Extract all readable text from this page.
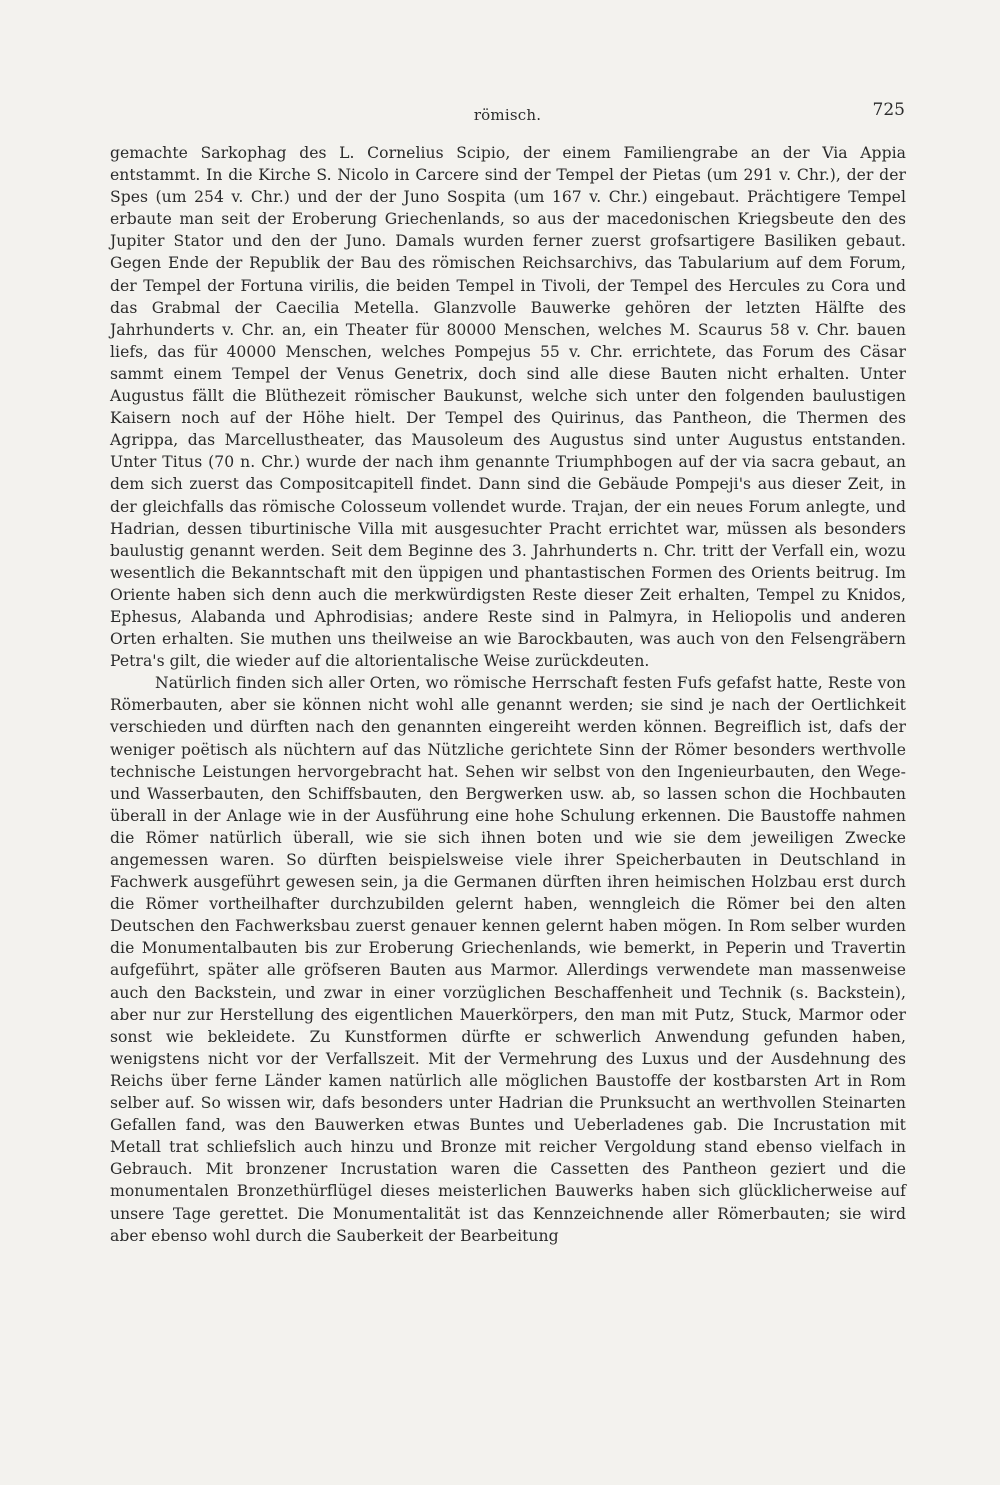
römisch.	725

gemachte Sarkophag des L. Cornelius Scipio, der einem Familiengrabe an der Via Appia entstammt. In die Kirche S. Nicolo in Carcere sind der Tempel der Pietas (um 291 v. Chr.), der der Spes (um 254 v. Chr.) und der der Juno Sospita (um 167 v. Chr.) eingebaut. Prächtigere Tempel erbaute man seit der Eroberung Griechenlands, so aus der macedonischen Kriegsbeute den des Jupiter Stator und den der Juno. Damals wurden ferner zuerst grofsartigere Basiliken gebaut. Gegen Ende der Republik der Bau des römischen Reichsarchivs, das Tabularium auf dem Forum, der Tempel der Fortuna virilis, die beiden Tempel in Tivoli, der Tempel des Hercules zu Cora und das Grabmal der Caecilia Metella. Glanzvolle Bauwerke gehören der letzten Hälfte des Jahrhunderts v. Chr. an, ein Theater für 80000 Menschen, welches M. Scaurus 58 v. Chr. bauen liefs, das für 40000 Menschen, welches Pompejus 55 v. Chr. errichtete, das Forum des Cäsar sammt einem Tempel der Venus Genetrix, doch sind alle diese Bauten nicht erhalten. Unter Augustus fällt die Blüthezeit römischer Baukunst, welche sich unter den folgenden baulustigen Kaisern noch auf der Höhe hielt. Der Tempel des Quirinus, das Pantheon, die Thermen des Agrippa, das Marcellustheater, das Mausoleum des Augustus sind unter Augustus entstanden. Unter Titus (70 n. Chr.) wurde der nach ihm genannte Triumphbogen auf der via sacra gebaut, an dem sich zuerst das Compositcapitell findet. Dann sind die Gebäude Pompeji's aus dieser Zeit, in der gleichfalls das römische Colosseum vollendet wurde. Trajan, der ein neues Forum anlegte, und Hadrian, dessen tiburtinische Villa mit ausgesuchter Pracht errichtet war, müssen als besonders baulustig genannt werden. Seit dem Beginne des 3. Jahrhunderts n. Chr. tritt der Verfall ein, wozu wesentlich die Bekanntschaft mit den üppigen und phantastischen Formen des Orients beitrug. Im Oriente haben sich denn auch die merkwürdigsten Reste dieser Zeit erhalten, Tempel zu Knidos, Ephesus, Alabanda und Aphrodisias; andere Reste sind in Palmyra, in Heliopolis und anderen Orten erhalten. Sie muthen uns theilweise an wie Barockbauten, was auch von den Felsengräbern Petra's gilt, die wieder auf die altorientalische Weise zurückdeuten.

Natürlich finden sich aller Orten, wo römische Herrschaft festen Fufs gefafst hatte, Reste von Römerbauten, aber sie können nicht wohl alle genannt werden; sie sind je nach der Oertlichkeit verschieden und dürften nach den genannten eingereiht werden können. Begreiflich ist, dafs der weniger poëtisch als nüchtern auf das Nützliche gerichtete Sinn der Römer besonders werthvolle technische Leistungen hervorgebracht hat. Sehen wir selbst von den Ingenieurbauten, den Wege- und Wasserbauten, den Schiffsbauten, den Bergwerken usw. ab, so lassen schon die Hochbauten überall in der Anlage wie in der Ausführung eine hohe Schulung erkennen. Die Baustoffe nahmen die Römer natürlich überall, wie sie sich ihnen boten und wie sie dem jeweiligen Zwecke angemessen waren. So dürften beispielsweise viele ihrer Speicherbauten in Deutschland in Fachwerk ausgeführt gewesen sein, ja die Germanen dürften ihren heimischen Holzbau erst durch die Römer vortheilhafter durchzubilden gelernt haben, wenngleich die Römer bei den alten Deutschen den Fachwerksbau zuerst genauer kennen gelernt haben mögen. In Rom selber wurden die Monumentalbauten bis zur Eroberung Griechenlands, wie bemerkt, in Peperin und Travertin aufgeführt, später alle gröfseren Bauten aus Marmor. Allerdings verwendete man massenweise auch den Backstein, und zwar in einer vorzüglichen Beschaffenheit und Technik (s. Backstein), aber nur zur Herstellung des eigentlichen Mauerkörpers, den man mit Putz, Stuck, Marmor oder sonst wie bekleidete. Zu Kunstformen dürfte er schwerlich Anwendung gefunden haben, wenigstens nicht vor der Verfallszeit. Mit der Vermehrung des Luxus und der Ausdehnung des Reichs über ferne Länder kamen natürlich alle möglichen Baustoffe der kostbarsten Art in Rom selber auf. So wissen wir, dafs besonders unter Hadrian die Prunksucht an werthvollen Steinarten Gefallen fand, was den Bauwerken etwas Buntes und Ueberladenes gab. Die Incrustation mit Metall trat schliefslich auch hinzu und Bronze mit reicher Vergoldung stand ebenso vielfach in Gebrauch. Mit bronzener Incrustation waren die Cassetten des Pantheon geziert und die monumentalen Bronzethürflügel dieses meisterlichen Bauwerks haben sich glücklicherweise auf unsere Tage gerettet. Die Monumentalität ist das Kennzeichnende aller Römerbauten; sie wird aber ebenso wohl durch die Sauberkeit der Bearbeitung
